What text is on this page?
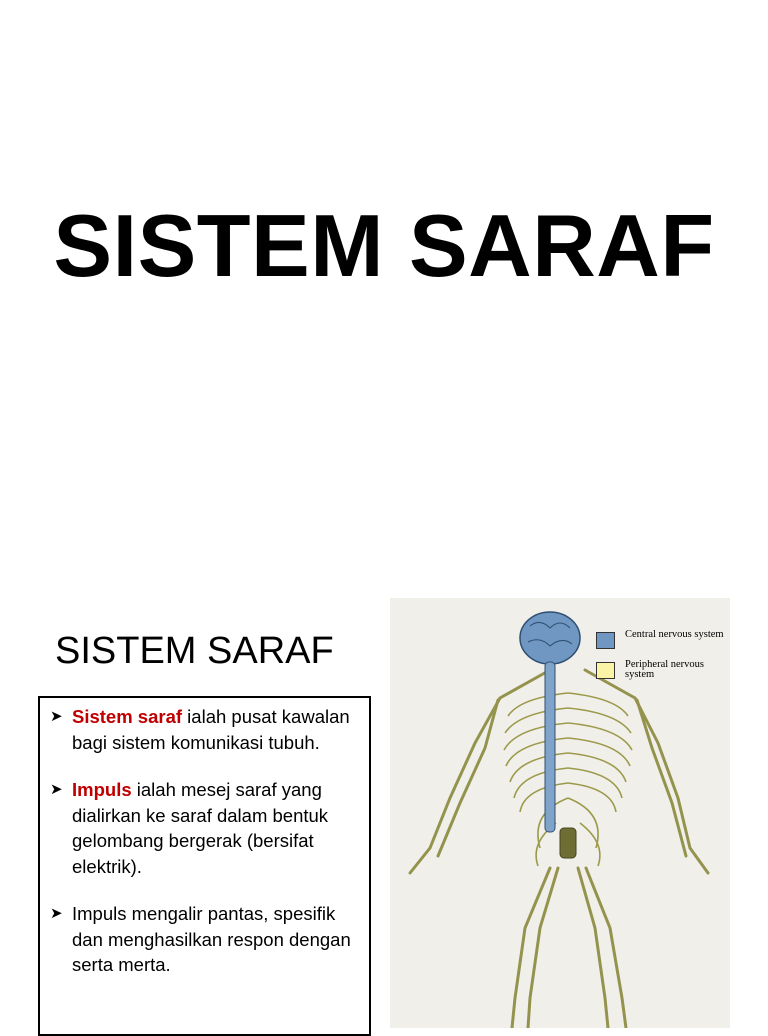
SISTEM SARAF
SISTEM SARAF
➤ Sistem saraf ialah pusat kawalan bagi sistem komunikasi tubuh.
➤ Impuls ialah mesej saraf yang dialirkan ke saraf dalam bentuk gelombang bergerak (bersifat elektrik).
➤ Impuls mengalir pantas, spesifik dan menghasilkan respon dengan serta merta.
Central nervous system
Peripheral nervous system
